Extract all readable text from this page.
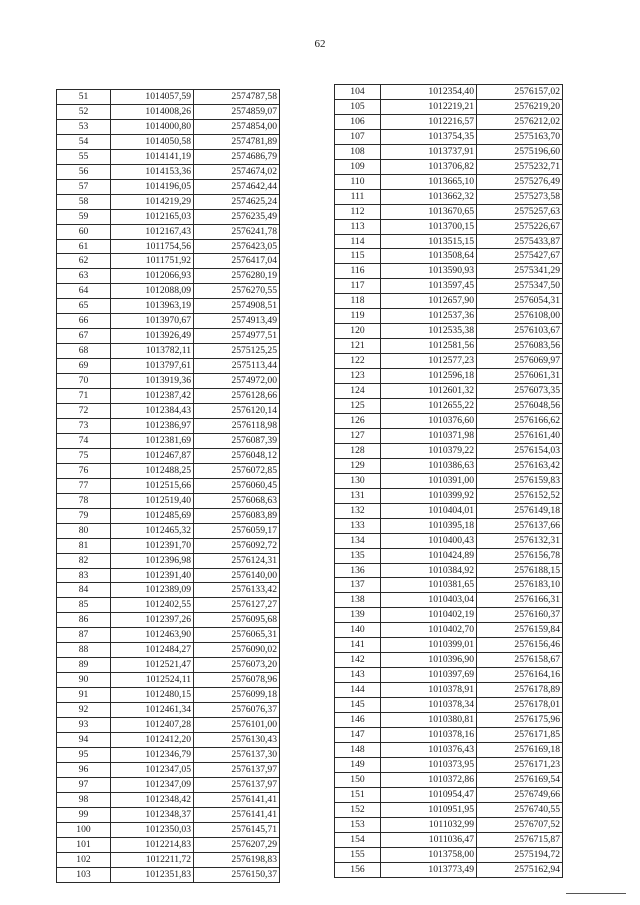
62
51	1014057,59	2574787,58
52	1014008,26	2574859,07
53	1014000,80	2574854,00
54	1014050,58	2574781,89
55	1014141,19	2574686,79
56	1014153,36	2574674,02
57	1014196,05	2574642,44
58	1014219,29	2574625,24
59	1012165,03	2576235,49
60	1012167,43	2576241,78
61	1011754,56	2576423,05
62	1011751,92	2576417,04
63	1012066,93	2576280,19
64	1012088,09	2576270,55
65	1013963,19	2574908,51
66	1013970,67	2574913,49
67	1013926,49	2574977,51
68	1013782,11	2575125,25
69	1013797,61	2575113,44
70	1013919,36	2574972,00
71	1012387,42	2576128,66
72	1012384,43	2576120,14
73	1012386,97	2576118,98
74	1012381,69	2576087,39
75	1012467,87	2576048,12
76	1012488,25	2576072,85
77	1012515,66	2576060,45
78	1012519,40	2576068,63
79	1012485,69	2576083,89
80	1012465,32	2576059,17
81	1012391,70	2576092,72
82	1012396,98	2576124,31
83	1012391,40	2576140,00
84	1012389,09	2576133,42
85	1012402,55	2576127,27
86	1012397,26	2576095,68
87	1012463,90	2576065,31
88	1012484,27	2576090,02
89	1012521,47	2576073,20
90	1012524,11	2576078,96
91	1012480,15	2576099,18
92	1012461,34	2576076,37
93	1012407,28	2576101,00
94	1012412,20	2576130,43
95	1012346,79	2576137,30
96	1012347,05	2576137,97
97	1012347,09	2576137,97
98	1012348,42	2576141,41
99	1012348,37	2576141,41
100	1012350,03	2576145,71
101	1012214,83	2576207,29
102	1012211,72	2576198,83
103	1012351,83	2576150,37
104	1012354,40	2576157,02
105	1012219,21	2576219,20
106	1012216,57	2576212,02
107	1013754,35	2575163,70
108	1013737,91	2575196,60
109	1013706,82	2575232,71
110	1013665,10	2575276,49
111	1013662,32	2575273,58
112	1013670,65	2575257,63
113	1013700,15	2575226,67
114	1013515,15	2575433,87
115	1013508,64	2575427,67
116	1013590,93	2575341,29
117	1013597,45	2575347,50
118	1012657,90	2576054,31
119	1012537,36	2576108,00
120	1012535,38	2576103,67
121	1012581,56	2576083,56
122	1012577,23	2576069,97
123	1012596,18	2576061,31
124	1012601,32	2576073,35
125	1012655,22	2576048,56
126	1010376,60	2576166,62
127	1010371,98	2576161,40
128	1010379,22	2576154,03
129	1010386,63	2576163,42
130	1010391,00	2576159,83
131	1010399,92	2576152,52
132	1010404,01	2576149,18
133	1010395,18	2576137,66
134	1010400,43	2576132,31
135	1010424,89	2576156,78
136	1010384,92	2576188,15
137	1010381,65	2576183,10
138	1010403,04	2576166,31
139	1010402,19	2576160,37
140	1010402,70	2576159,84
141	1010399,01	2576156,46
142	1010396,90	2576158,67
143	1010397,69	2576164,16
144	1010378,91	2576178,89
145	1010378,34	2576178,01
146	1010380,81	2576175,96
147	1010378,16	2576171,85
148	1010376,43	2576169,18
149	1010373,95	2576171,23
150	1010372,86	2576169,54
151	1010954,47	2576749,66
152	1010951,95	2576740,55
153	1011032,99	2576707,52
154	1011036,47	2576715,87
155	1013758,00	2575194,72
156	1013773,49	2575162,94
